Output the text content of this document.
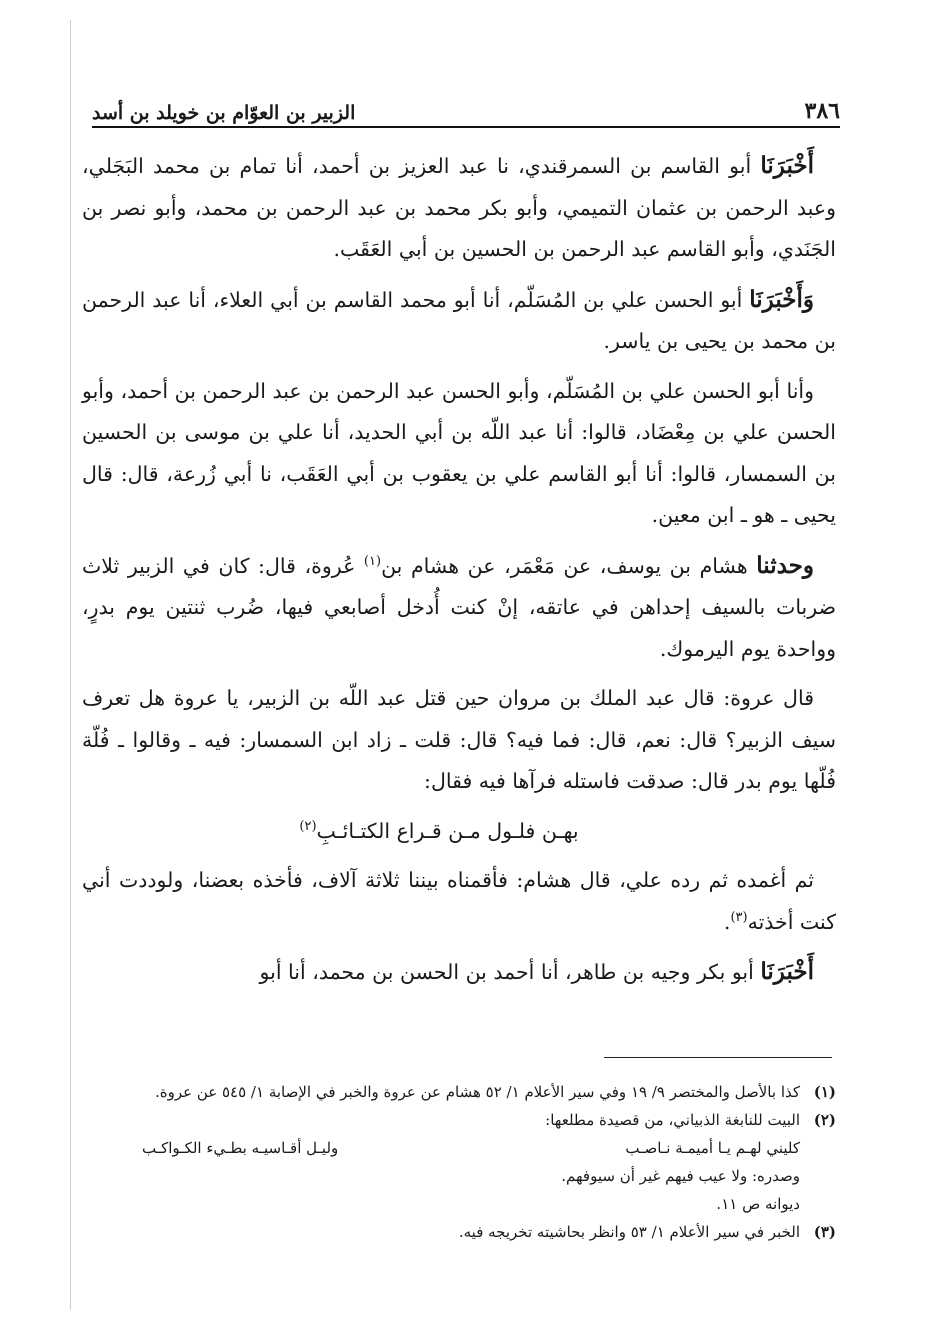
٣٨٦
الزبير بن العوّام بن خويلد بن أسد

أَخْبَرَنَا أبو القاسم بن السمرقندي، نا عبد العزيز بن أحمد، أنا تمام بن محمد البَجَلي، وعبد الرحمن بن عثمان التميمي، وأبو بكر محمد بن عبد الرحمن بن محمد، وأبو نصر بن الجَنَدي، وأبو القاسم عبد الرحمن بن الحسين بن أبي العَقَب.

وَأَخْبَرَنَا أبو الحسن علي بن المُسَلّم، أنا أبو محمد القاسم بن أبي العلاء، أنا عبد الرحمن بن محمد بن يحيى بن ياسر.

وأنا أبو الحسن علي بن المُسَلّم، وأبو الحسن عبد الرحمن بن عبد الرحمن بن أحمد، وأبو الحسن علي بن مِعْضَاد، قالوا: أنا عبد اللّه بن أبي الحديد، أنا علي بن موسى بن الحسين بن السمسار، قالوا: أنا أبو القاسم علي بن يعقوب بن أبي العَقَب، نا أبي زُرعة، قال: قال يحيى ـ هو ـ ابن معين.

وحدثنا هشام بن يوسف، عن مَعْمَر، عن هشام بن$^{(١)}$ عُروة، قال: كان في الزبير ثلاث ضربات بالسيف إحداهن في عاتقه، إنْ كنت أُدخل أصابعي فيها، ضُرب ثنتين يوم بدرٍ، وواحدة يوم اليرموك.

قال عروة: قال عبد الملك بن مروان حين قتل عبد اللّه بن الزبير، يا عروة هل تعرف سيف الزبير؟ قال: نعم، قال: فما فيه؟ قال: قلت ـ زاد ابن السمسار: فيه ـ وقالوا ـ فُلّة فُلّها يوم بدر قال: صدقت فاستله فرآها فيه فقال:

بهـن فلـول مـن قـراع الكتـائـبِ$^{(٢)}$

ثم أغمده ثم رده علي، قال هشام: فأقمناه بيننا ثلاثة آلاف، فأخذه بعضنا، ولوددت أني كنت أخذته$^{(٣)}$.

أَخْبَرَنَا أبو بكر وجيه بن طاهر، أنا أحمد بن الحسن بن محمد، أنا أبو

(١)
كذا بالأصل والمختصر ٩/ ١٩ وفي سير الأعلام ١/ ٥٢ هشام عن عروة والخبر في الإصابة ١/ ٥٤٥ عن عروة.
(٢)
البيت للنابغة الذبياني، من قصيدة مطلعها:
كليني لهـم يـا أميمـة نـاصـب
وليـل أقـاسيـه بطـيء الكـواكـب
وصدره: ولا عيب فيهم غير أن سيوفهم.
ديوانه ص ١١.
(٣)
الخبر في سير الأعلام ١/ ٥٣ وانظر بحاشيته تخريجه فيه.
